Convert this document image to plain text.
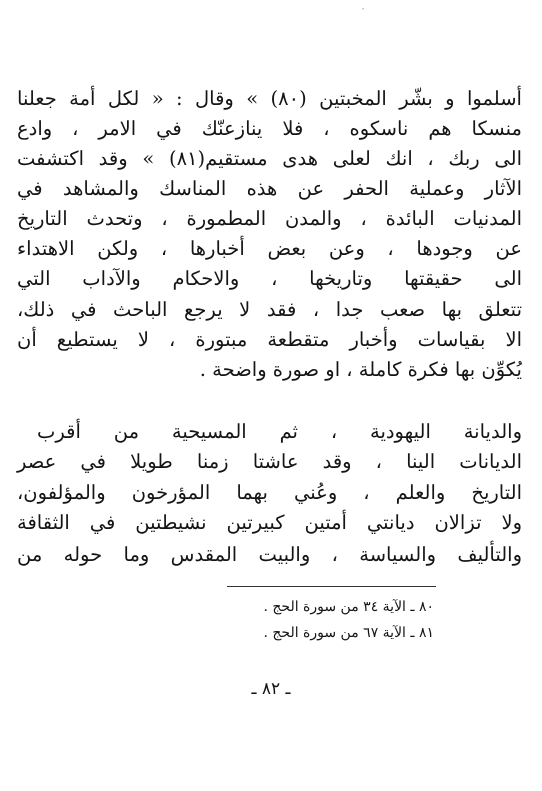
′
أسلموا و بشّر المخبتين (٨٠) » وقال : « لكل أمة جعلنا
منسكا هم ناسكوه ، فلا ينازعنّك في الامر ، وادع
الى ربك ، انك لعلى هدى مستقيم(٨١) » وقد اكتشفت
الآثار وعملية الحفر عن هذه المناسك والمشاهد في
المدنيات البائدة ، والمدن المطمورة ، وتحدث التاريخ
عن وجودها ، وعن بعض أخبارها ، ولكن الاهتداء
الى حقيقتها وتاريخها ، والاحكام والآداب التي
تتعلق بها صعب جدا ، فقد لا يرجع الباحث في ذلك،
الا بقياسات وأخبار متقطعة مبتورة ، لا يستطيع أن
يُكوِّن بها فكرة كاملة ، او صورة واضحة .
والديانة اليهودية ، ثم المسيحية من أقرب
الديانات الينا ، وقد عاشتا زمنا طويلا في عصر
التاريخ والعلم ، وعُني بهما المؤرخون والمؤلفون،
ولا تزالان ديانتي أمتين كبيرتين نشيطتين في الثقافة
والتأليف والسياسة ، والبيت المقدس وما حوله من
٨٠ ـ الآية ٣٤ من سورة الحج .
٨١ ـ الآية ٦٧ من سورة الحج .
ـ ٨٢ ـ
